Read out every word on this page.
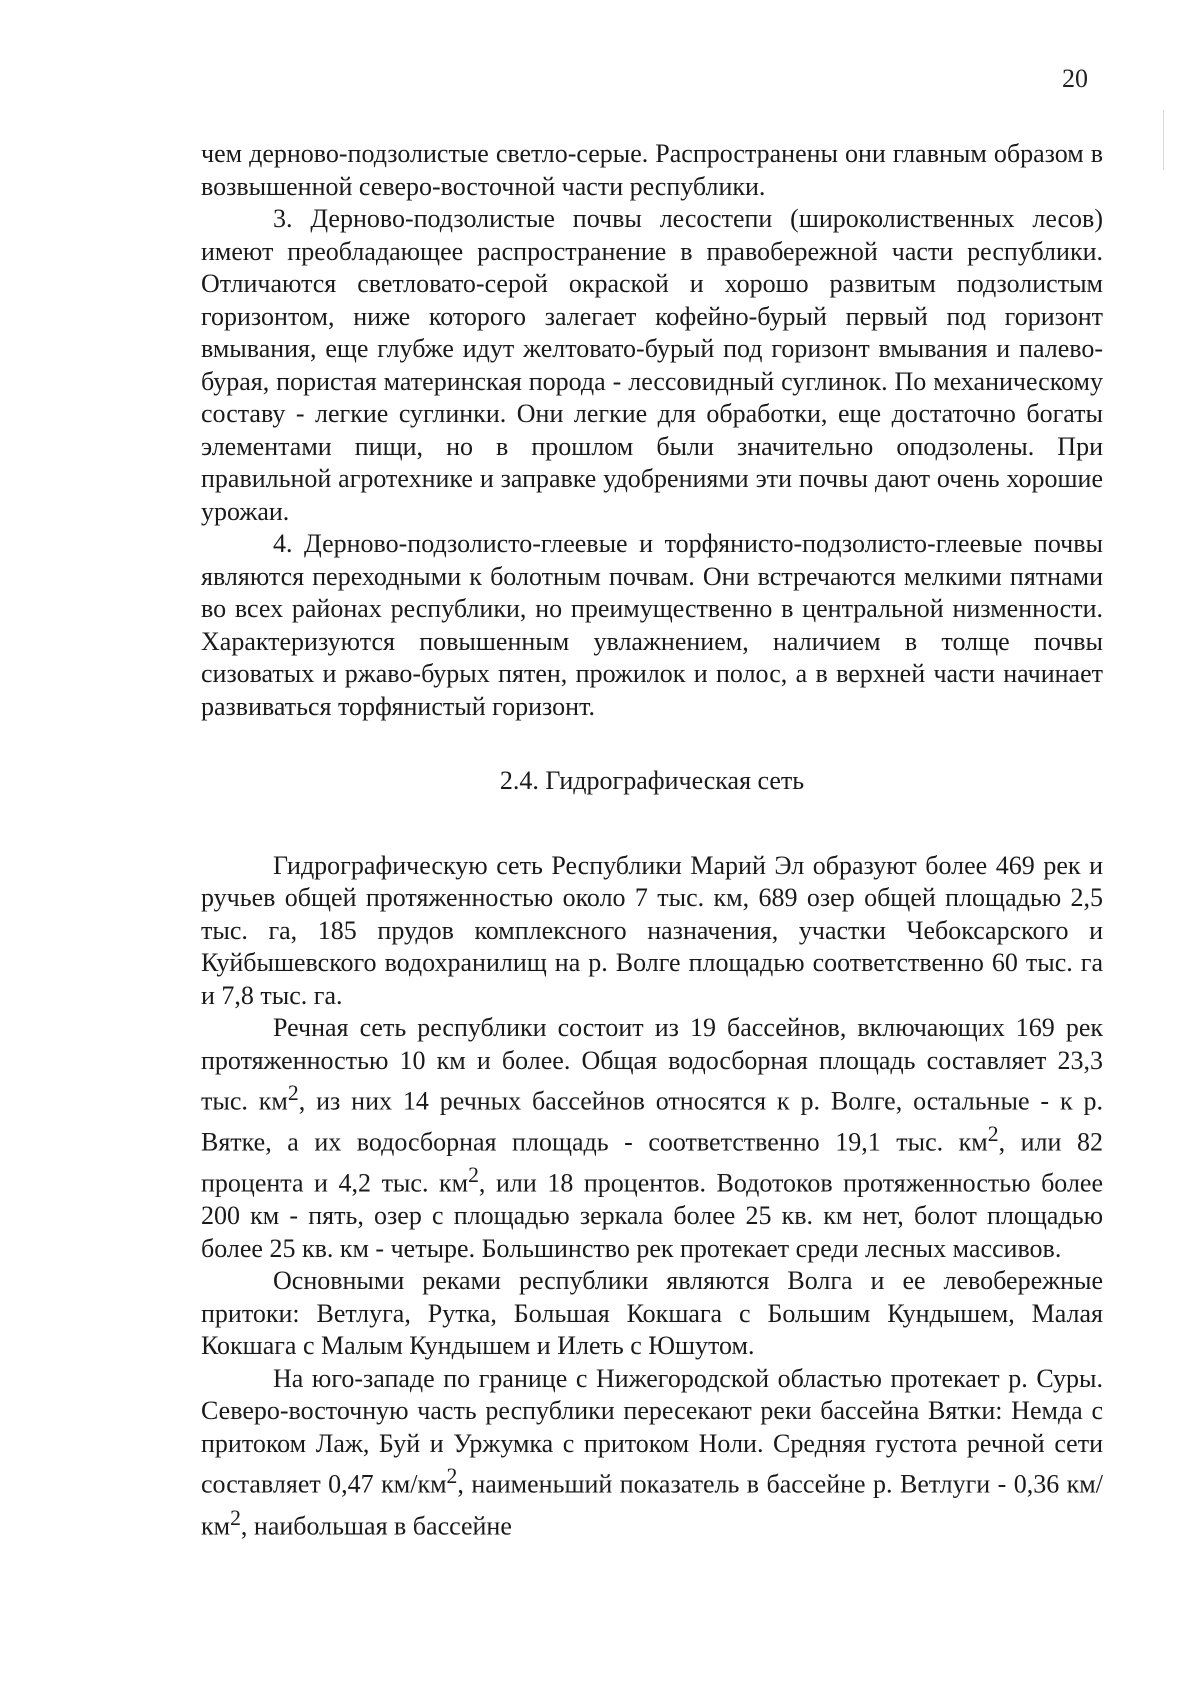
20

чем дерново-подзолистые светло-серые. Распространены они главным образом в возвышенной северо-восточной части республики.

3. Дерново-подзолистые почвы лесостепи (широколиственных лесов) имеют преобладающее распространение в правобережной части республики. Отличаются светловато-серой окраской и хорошо развитым подзолистым горизонтом, ниже которого залегает кофейно-бурый первый под горизонт вмывания, еще глубже идут желтовато-бурый под горизонт вмывания и палево-бурая, пористая материнская порода - лессовидный суглинок. По механическому составу - легкие суглинки. Они легкие для обработки, еще достаточно богаты элементами пищи, но в прошлом были значительно оподзолены. При правильной агротехнике и заправке удобрениями эти почвы дают очень хорошие урожаи.

4. Дерново-подзолисто-глеевые и торфянисто-подзолисто-глеевые почвы являются переходными к болотным почвам. Они встречаются мелкими пятнами во всех районах республики, но преимущественно в центральной низменности. Характеризуются повышенным увлажнением, наличием в толще почвы сизоватых и ржаво-бурых пятен, прожилок и полос, а в верхней части начинает развиваться торфянистый горизонт.

2.4. Гидрографическая сеть

Гидрографическую сеть Республики Марий Эл образуют более 469 рек и ручьев общей протяженностью около 7 тыс. км, 689 озер общей площадью 2,5 тыс. га, 185 прудов комплексного назначения, участки Чебоксарского и Куйбышевского водохранилищ на р. Волге площадью соответственно 60 тыс. га и 7,8 тыс. га.

Речная сеть республики состоит из 19 бассейнов, включающих 169 рек протяженностью 10 км и более. Общая водосборная площадь составляет 23,3 тыс. $км^2$, из них 14 речных бассейнов относятся к р. Волге, остальные - к р. Вятке, а их водосборная площадь - соответственно 19,1 тыс. $км^2$, или 82 процента и 4,2 тыс. $км^2$, или 18 процентов. Водотоков протяженностью более 200 км - пять, озер с площадью зеркала более 25 кв. км нет, болот площадью более 25 кв. км - четыре. Большинство рек протекает среди лесных массивов.

Основными реками республики являются Волга и ее левобережные притоки: Ветлуга, Рутка, Большая Кокшага с Большим Кундышем, Малая Кокшага с Малым Кундышем и Илеть с Юшутом.

На юго-западе по границе с Нижегородской областью протекает р. Суры. Северо-восточную часть республики пересекают реки бассейна Вятки: Немда с притоком Лаж, Буй и Уржумка с притоком Ноли. Средняя густота речной сети составляет 0,47 $км/км^2$, наименьший показатель в бассейне р. Ветлуги - 0,36 $км/км^2$, наибольшая в бассейне
